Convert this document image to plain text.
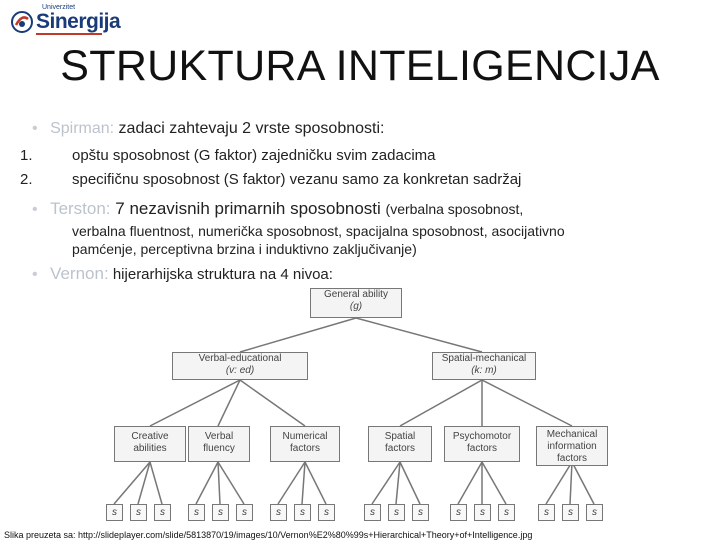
Univerzitet
Sinergija
STRUKTURA INTELIGENCIJA
• Spirman: zadaci zahtevaju 2 vrste sposobnosti:
1.	opštu sposobnost (G faktor) zajedničku svim zadacima
2.	specifičnu sposobnost (S faktor) vezanu samo za konkretan sadržaj
• Terston: 7 nezavisnih primarnih sposobnosti (verbalna sposobnost,
verbalna fluentnost, numerička sposobnost, spacijalna sposobnost, asocijativno
pamćenje, perceptivna brzina i induktivno zaključivanje)
• Vernon: hijerarhijska struktura na 4 nivoa:
General ability
(g)
Verbal-educational
(v: ed)
Spatial-mechanical
(k: m)
Creative
abilities
Verbal
fluency
Numerical
factors
Spatial
factors
Psychomotor
factors
Mechanical
information factors
s	s	s	s	s	s	s	s	s	s	s	s	s	s	s	s	s	s
Slika preuzeta sa: http://slideplayer.com/slide/5813870/19/images/10/Vernon%E2%80%99s+Hierarchical+Theory+of+Intelligence.jpg
